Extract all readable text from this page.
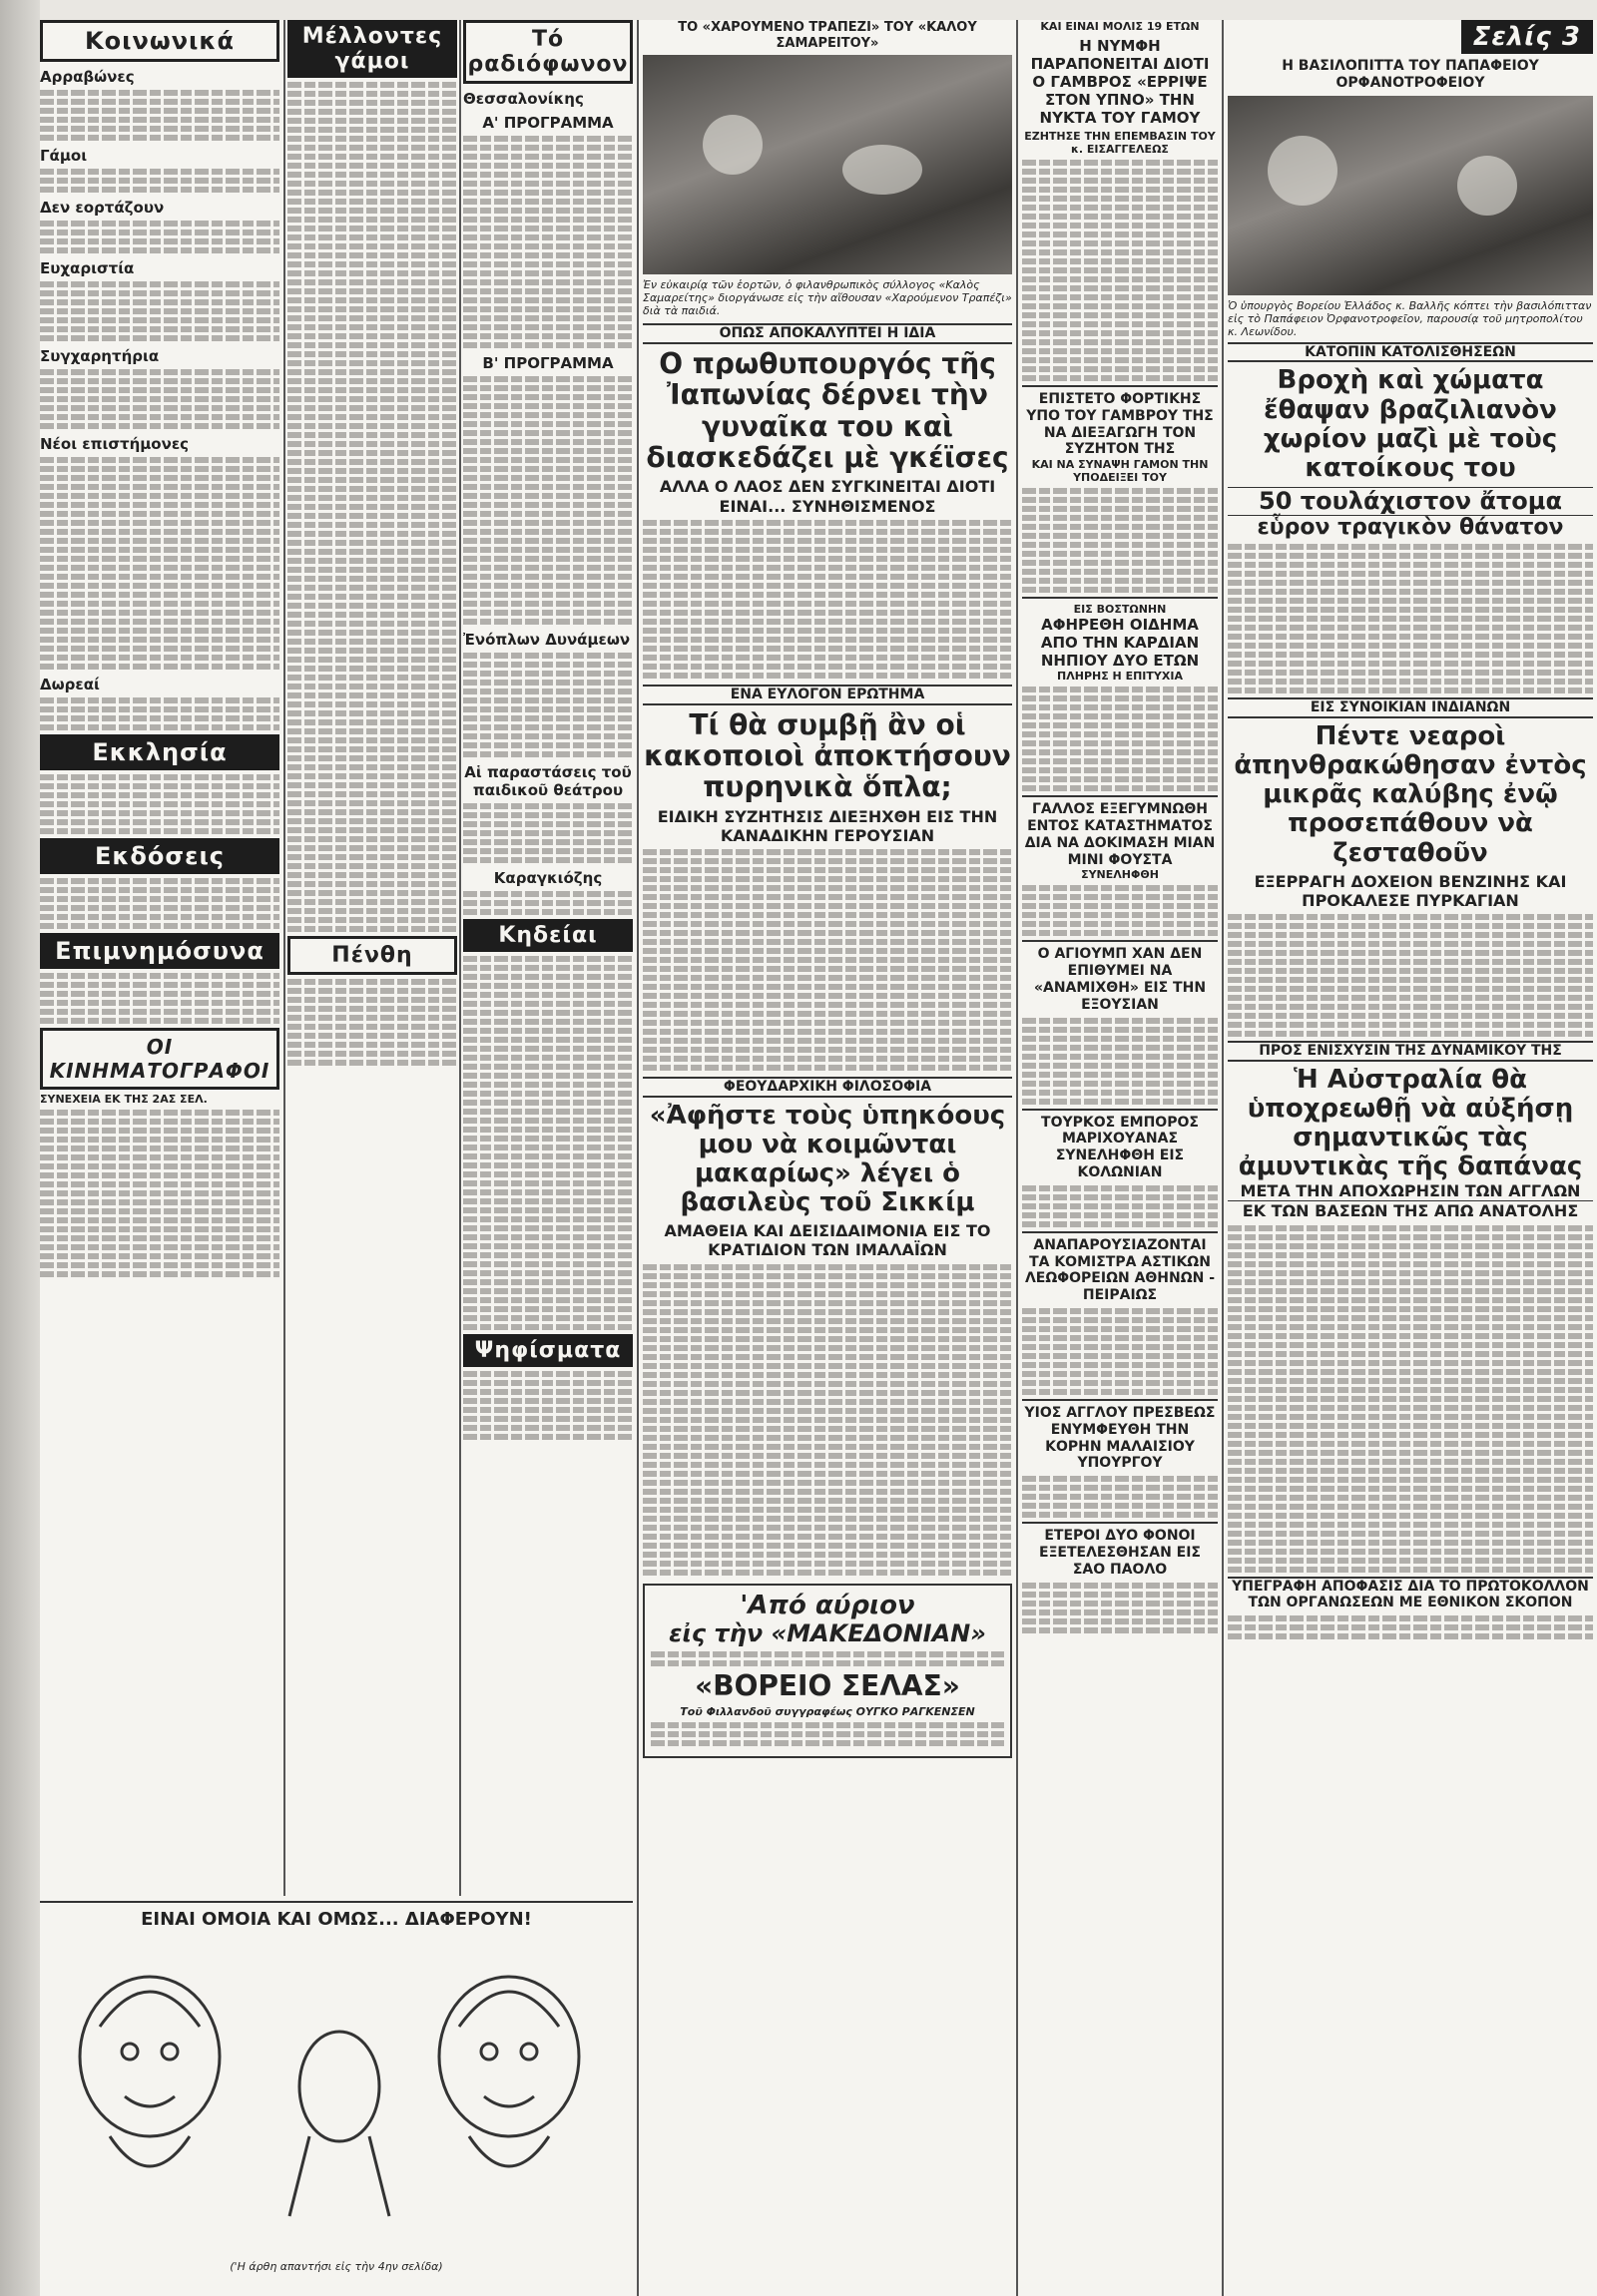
Κοινωνικά
Αρραβώνες
Γάμοι
Δεν εορτάζουν
Ευχαριστία
Συγχαρητήρια
Νέοι επιστήμονες
Δωρεαί
Εκκλησία
Εκδόσεις
Επιμνημόσυνα
ΟΙ ΚΙΝΗΜΑΤΟΓΡΑΦΟΙ
ΣΥΝΕΧΕΙΑ ΕΚ ΤΗΣ 2ΑΣ ΣΕΛ.
Μέλλοντες γάμοι
Πένθη
Τό ραδιόφωνον
Θεσσαλονίκης
Α' ΠΡΟΓΡΑΜΜΑ
Β' ΠΡΟΓΡΑΜΜΑ
Ἐνόπλων Δυνάμεων
Αἱ παραστάσεις τοῦ παιδικοῦ θεάτρου
Καραγκιόζης
Κηδείαι
Ψηφίσματα
ΕΙΝΑΙ ΟΜΟΙΑ ΚΑΙ ΟΜΩΣ... ΔΙΑΦΕΡΟΥΝ!
('Η άρθη απαντήσι εἰς τὴν 4ην σελίδα)
ΤΟ «ΧΑΡΟΥΜΕΝΟ ΤΡΑΠΕΖΙ» ΤΟΥ «ΚΑΛΟΥ ΣΑΜΑΡΕΙΤΟΥ»
Ἐν εὐκαιρίᾳ τῶν ἑορτῶν, ὁ φιλανθρωπικὸς σύλλογος «Καλὸς Σαμαρείτης» διοργάνωσε εἰς τὴν αἴθουσαν «Χαρούμενον Τραπέζι» διὰ τὰ παιδιά.
ΟΠΩΣ ΑΠΟΚΑΛΥΠΤΕΙ Η ΙΔΙΑ
Ο πρωθυπουργός τῆς Ἰαπωνίας δέρνει τὴν γυναῖκα του καὶ διασκεδάζει μὲ γκέϊσες
ΑΛΛΑ Ο ΛΑΟΣ ΔΕΝ ΣΥΓΚΙΝΕΙΤΑΙ ΔΙΟΤΙ ΕΙΝΑΙ... ΣΥΝΗΘΙΣΜΕΝΟΣ
ΕΝΑ ΕΥΛΟΓΟΝ ΕΡΩΤΗΜΑ
Τί θὰ συμβῇ ἂν οἱ κακοποιοὶ ἀποκτήσουν πυρηνικὰ ὅπλα;
ΕΙΔΙΚΗ ΣΥΖΗΤΗΣΙΣ ΔΙΕΞΗΧΘΗ ΕΙΣ ΤΗΝ ΚΑΝΑΔΙΚΗΝ ΓΕΡΟΥΣΙΑΝ
ΦΕΟΥΔΑΡΧΙΚΗ ΦΙΛΟΣΟΦΙΑ
«Ἀφῆστε τοὺς ὑπηκόους μου νὰ κοιμῶνται μακαρίως» λέγει ὁ βασιλεὺς τοῦ Σικκίμ
ΑΜΑΘΕΙΑ ΚΑΙ ΔΕΙΣΙΔΑΙΜΟΝΙΑ ΕΙΣ ΤΟ ΚΡΑΤΙΔΙΟΝ ΤΩΝ ΙΜΑΛΑΪΩΝ
'Από αύριον
εἰς τὴν «ΜΑΚΕΔΟΝΙΑΝ»
«ΒΟΡΕΙΟ ΣΕΛΑΣ»
Τοῦ Φιλλανδοῦ συγγραφέως ΟΥΓΚΟ ΡΑΓΚΕΝΣΕΝ
ΚΑΙ ΕΙΝΑΙ ΜΟΛΙΣ 19 ΕΤΩΝ
Η ΝΥΜΦΗ ΠΑΡΑΠΟΝΕΙΤΑΙ ΔΙΟΤΙ Ο ΓΑΜΒΡΟΣ «ΕΡΡΙΨΕ ΣΤΟΝ ΥΠΝΟ» ΤΗΝ ΝΥΚΤΑ ΤΟΥ ΓΑΜΟΥ
ΕΖΗΤΗΣΕ ΤΗΝ ΕΠΕΜΒΑΣΙΝ ΤΟΥ κ. ΕΙΣΑΓΓΕΛΕΩΣ
ΕΠΙΣΤΕΤΟ ΦΟΡΤΙΚΗΣ ΥΠΟ ΤΟΥ ΓΑΜΒΡΟΥ ΤΗΣ ΝΑ ΔΙΕΞΑΓΩΓΗ ΤΟΝ ΣΥΖΗΤΟΝ ΤΗΣ
ΚΑΙ ΝΑ ΣΥΝΑΨΗ ΓΑΜΟΝ ΤΗΝ ΥΠΟΔΕΙΞΕΙ ΤΟΥ
ΕΙΣ ΒΟΣΤΩΝΗΝ
ΑΦΗΡΕΘΗ ΟΙΔΗΜΑ ΑΠΟ ΤΗΝ ΚΑΡΔΙΑΝ ΝΗΠΙΟΥ ΔΥΟ ΕΤΩΝ
ΠΛΗΡΗΣ Η ΕΠΙΤΥΧΙΑ
ΓΑΛΛΟΣ ΕΞΕΓΥΜΝΩΘΗ ΕΝΤΟΣ ΚΑΤΑΣΤΗΜΑΤΟΣ ΔΙΑ ΝΑ ΔΟΚΙΜΑΣΗ ΜΙΑΝ ΜΙΝΙ ΦΟΥΣΤΑ
ΣΥΝΕΛΗΦΘΗ
Ο ΑΓΙΟΥΜΠ ΧΑΝ ΔΕΝ ΕΠΙΘΥΜΕΙ ΝΑ «ΑΝΑΜΙΧΘΗ» ΕΙΣ ΤΗΝ ΕΞΟΥΣΙΑΝ
ΤΟΥΡΚΟΣ ΕΜΠΟΡΟΣ ΜΑΡΙΧΟΥΑΝΑΣ ΣΥΝΕΛΗΦΘΗ ΕΙΣ ΚΟΛΩΝΙΑΝ
ΑΝΑΠΑΡΟΥΣΙΑΖΟΝΤΑΙ ΤΑ ΚΟΜΙΣΤΡΑ ΑΣΤΙΚΩΝ ΛΕΩΦΟΡΕΙΩΝ ΑΘΗΝΩΝ - ΠΕΙΡΑΙΩΣ
ΥΙΟΣ ΑΓΓΛΟΥ ΠΡΕΣΒΕΩΣ ΕΝΥΜΦΕΥΘΗ ΤΗΝ ΚΟΡΗΝ ΜΑΛΑΙΣΙΟΥ ΥΠΟΥΡΓΟΥ
ΕΤΕΡΟΙ ΔΥΟ ΦΟΝΟΙ ΕΞΕΤΕΛΕΣΘΗΣΑΝ ΕΙΣ ΣΑΟ ΠΑΟΛΟ
Σελίς 3
Η ΒΑΣΙΛΟΠΙΤΤΑ ΤΟΥ ΠΑΠΑΦΕΙΟΥ ΟΡΦΑΝΟΤΡΟΦΕΙΟΥ
Ὁ ὑπουργὸς Βορείου Ἑλλάδος κ. Βαλλῆς κόπτει τὴν βασιλόπιτταν εἰς τὸ Παπάφειον Ὀρφανοτροφεῖον, παρουσίᾳ τοῦ μητροπολίτου κ. Λεωνίδου.
ΚΑΤΟΠΙΝ ΚΑΤΟΛΙΣΘΗΣΕΩΝ
Βροχὴ καὶ χώματα ἔθαψαν βραζιλιανὸν χωρίον μαζὶ μὲ τοὺς κατοίκους του
50 τουλάχιστον ἄτομα
εὗρον τραγικὸν θάνατον
ΕΙΣ ΣΥΝΟΙΚΙΑΝ ΙΝΔΙΑΝΩΝ
Πέντε νεαροὶ ἀπηνθρακώθησαν ἐντὸς μικρᾶς καλύβης ἐνῷ προσεπάθουν νὰ ζεσταθοῦν
ΕΞΕΡΡΑΓΗ ΔΟΧΕΙΟΝ ΒΕΝΖΙΝΗΣ ΚΑΙ ΠΡΟΚΑΛΕΣΕ ΠΥΡΚΑΓΙΑΝ
ΠΡΟΣ ΕΝΙΣΧΥΣΙΝ ΤΗΣ ΔΥΝΑΜΙΚΟΥ ΤΗΣ
Ἡ Αὐστραλία θὰ ὑποχρεωθῇ νὰ αὐξήσῃ σημαντικῶς τὰς ἀμυντικὰς τῆς δαπάνας
ΜΕΤΑ ΤΗΝ ΑΠΟΧΩΡΗΣΙΝ ΤΩΝ ΑΓΓΛΩΝ
ΕΚ ΤΩΝ ΒΑΣΕΩΝ ΤΗΣ ΑΠΩ ΑΝΑΤΟΛΗΣ
ΥΠΕΓΡΑΦΗ ΑΠΟΦΑΣΙΣ ΔΙΑ ΤΟ ΠΡΩΤΟΚΟΛΛΟΝ ΤΩΝ ΟΡΓΑΝΩΣΕΩΝ ΜΕ ΕΘΝΙΚΟΝ ΣΚΟΠΟΝ
